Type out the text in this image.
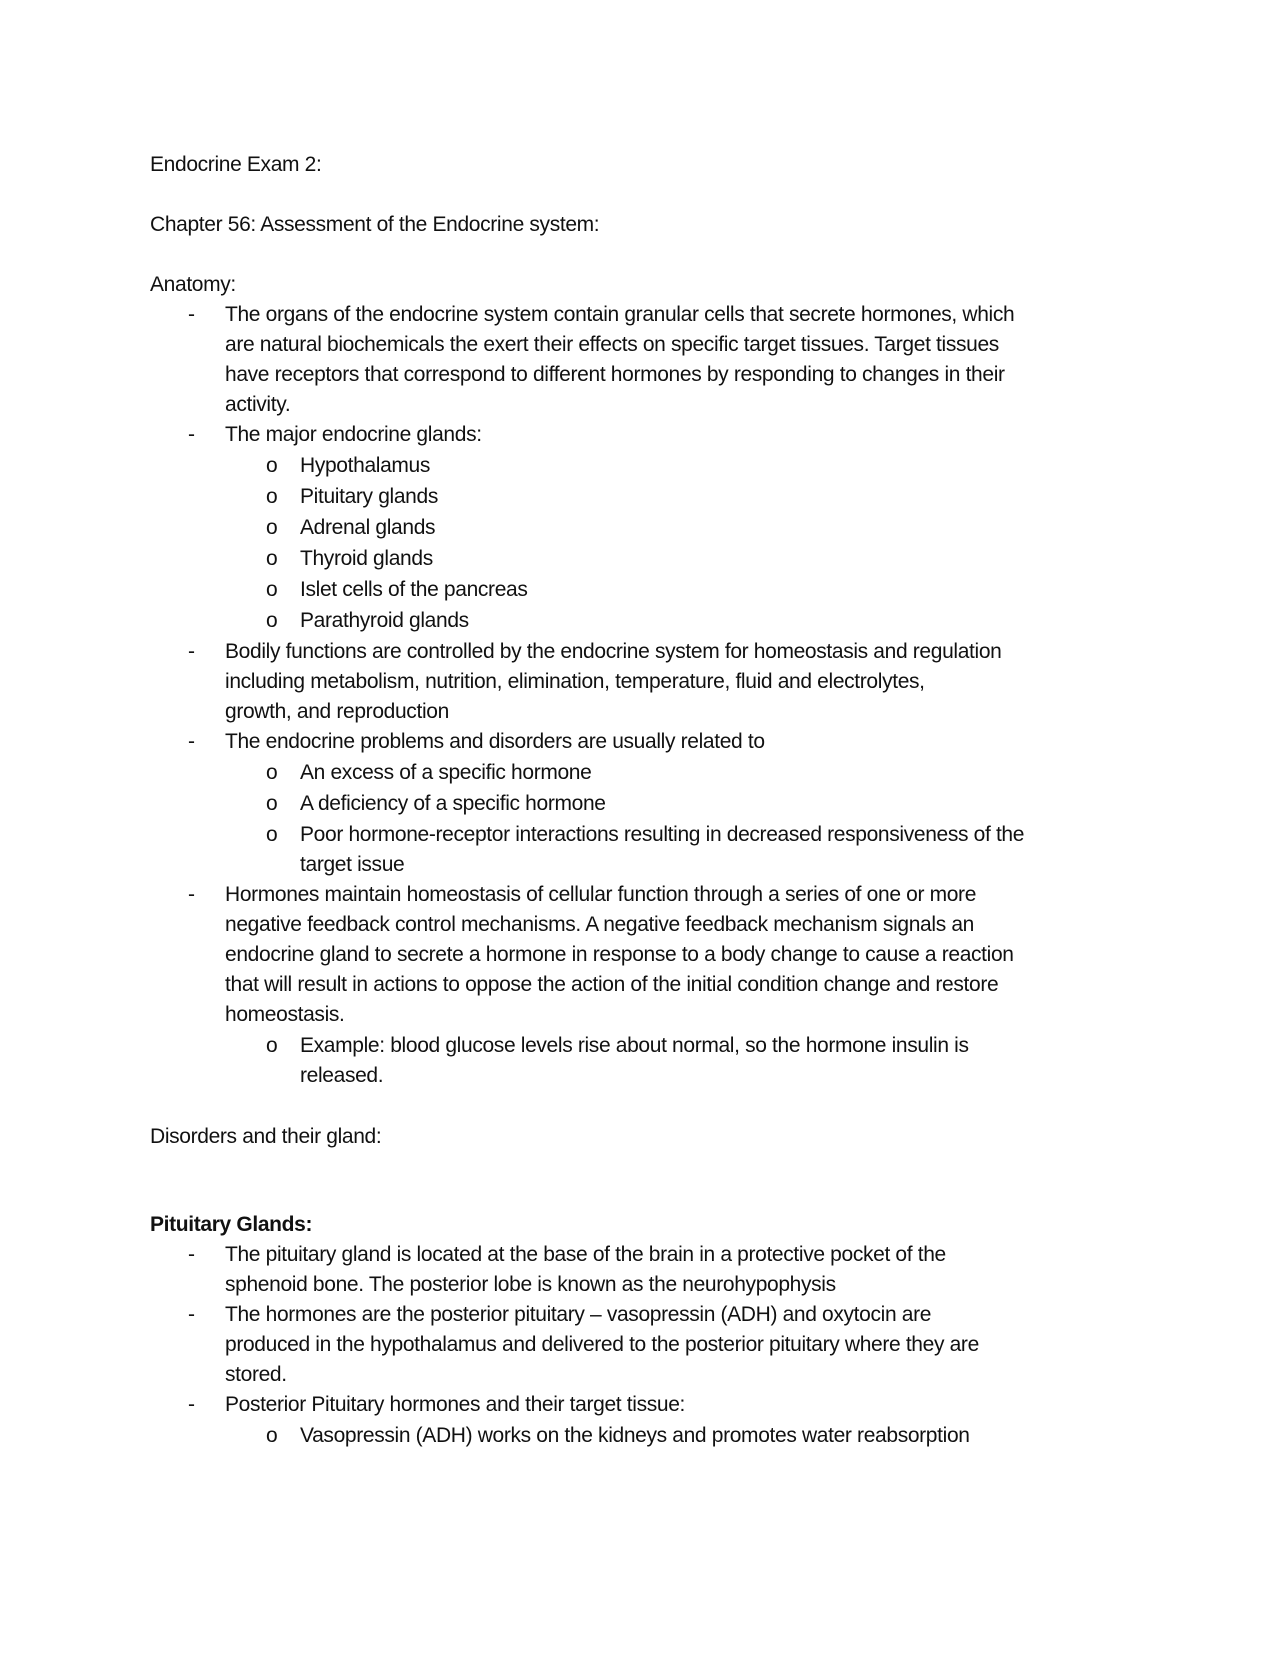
Endocrine Exam 2:
Chapter 56: Assessment of the Endocrine system:
Anatomy:
- The organs of the endocrine system contain granular cells that secrete hormones, which
are natural biochemicals the exert their effects on specific target tissues. Target tissues
have receptors that correspond to different hormones by responding to changes in their
activity.
- The major endocrine glands:
o Hypothalamus
o Pituitary glands
o Adrenal glands
o Thyroid glands
o Islet cells of the pancreas
o Parathyroid glands
- Bodily functions are controlled by the endocrine system for homeostasis and regulation
including metabolism, nutrition, elimination, temperature, fluid and electrolytes,
growth, and reproduction
- The endocrine problems and disorders are usually related to
o An excess of a specific hormone
o A deficiency of a specific hormone
o Poor hormone-receptor interactions resulting in decreased responsiveness of the
target issue
- Hormones maintain homeostasis of cellular function through a series of one or more
negative feedback control mechanisms. A negative feedback mechanism signals an
endocrine gland to secrete a hormone in response to a body change to cause a reaction
that will result in actions to oppose the action of the initial condition change and restore
homeostasis.
o Example: blood glucose levels rise about normal, so the hormone insulin is
released.
Disorders and their gland:
Pituitary Glands:
- The pituitary gland is located at the base of the brain in a protective pocket of the
sphenoid bone. The posterior lobe is known as the neurohypophysis
- The hormones are the posterior pituitary – vasopressin (ADH) and oxytocin are
produced in the hypothalamus and delivered to the posterior pituitary where they are
stored.
- Posterior Pituitary hormones and their target tissue:
o Vasopressin (ADH) works on the kidneys and promotes water reabsorption
